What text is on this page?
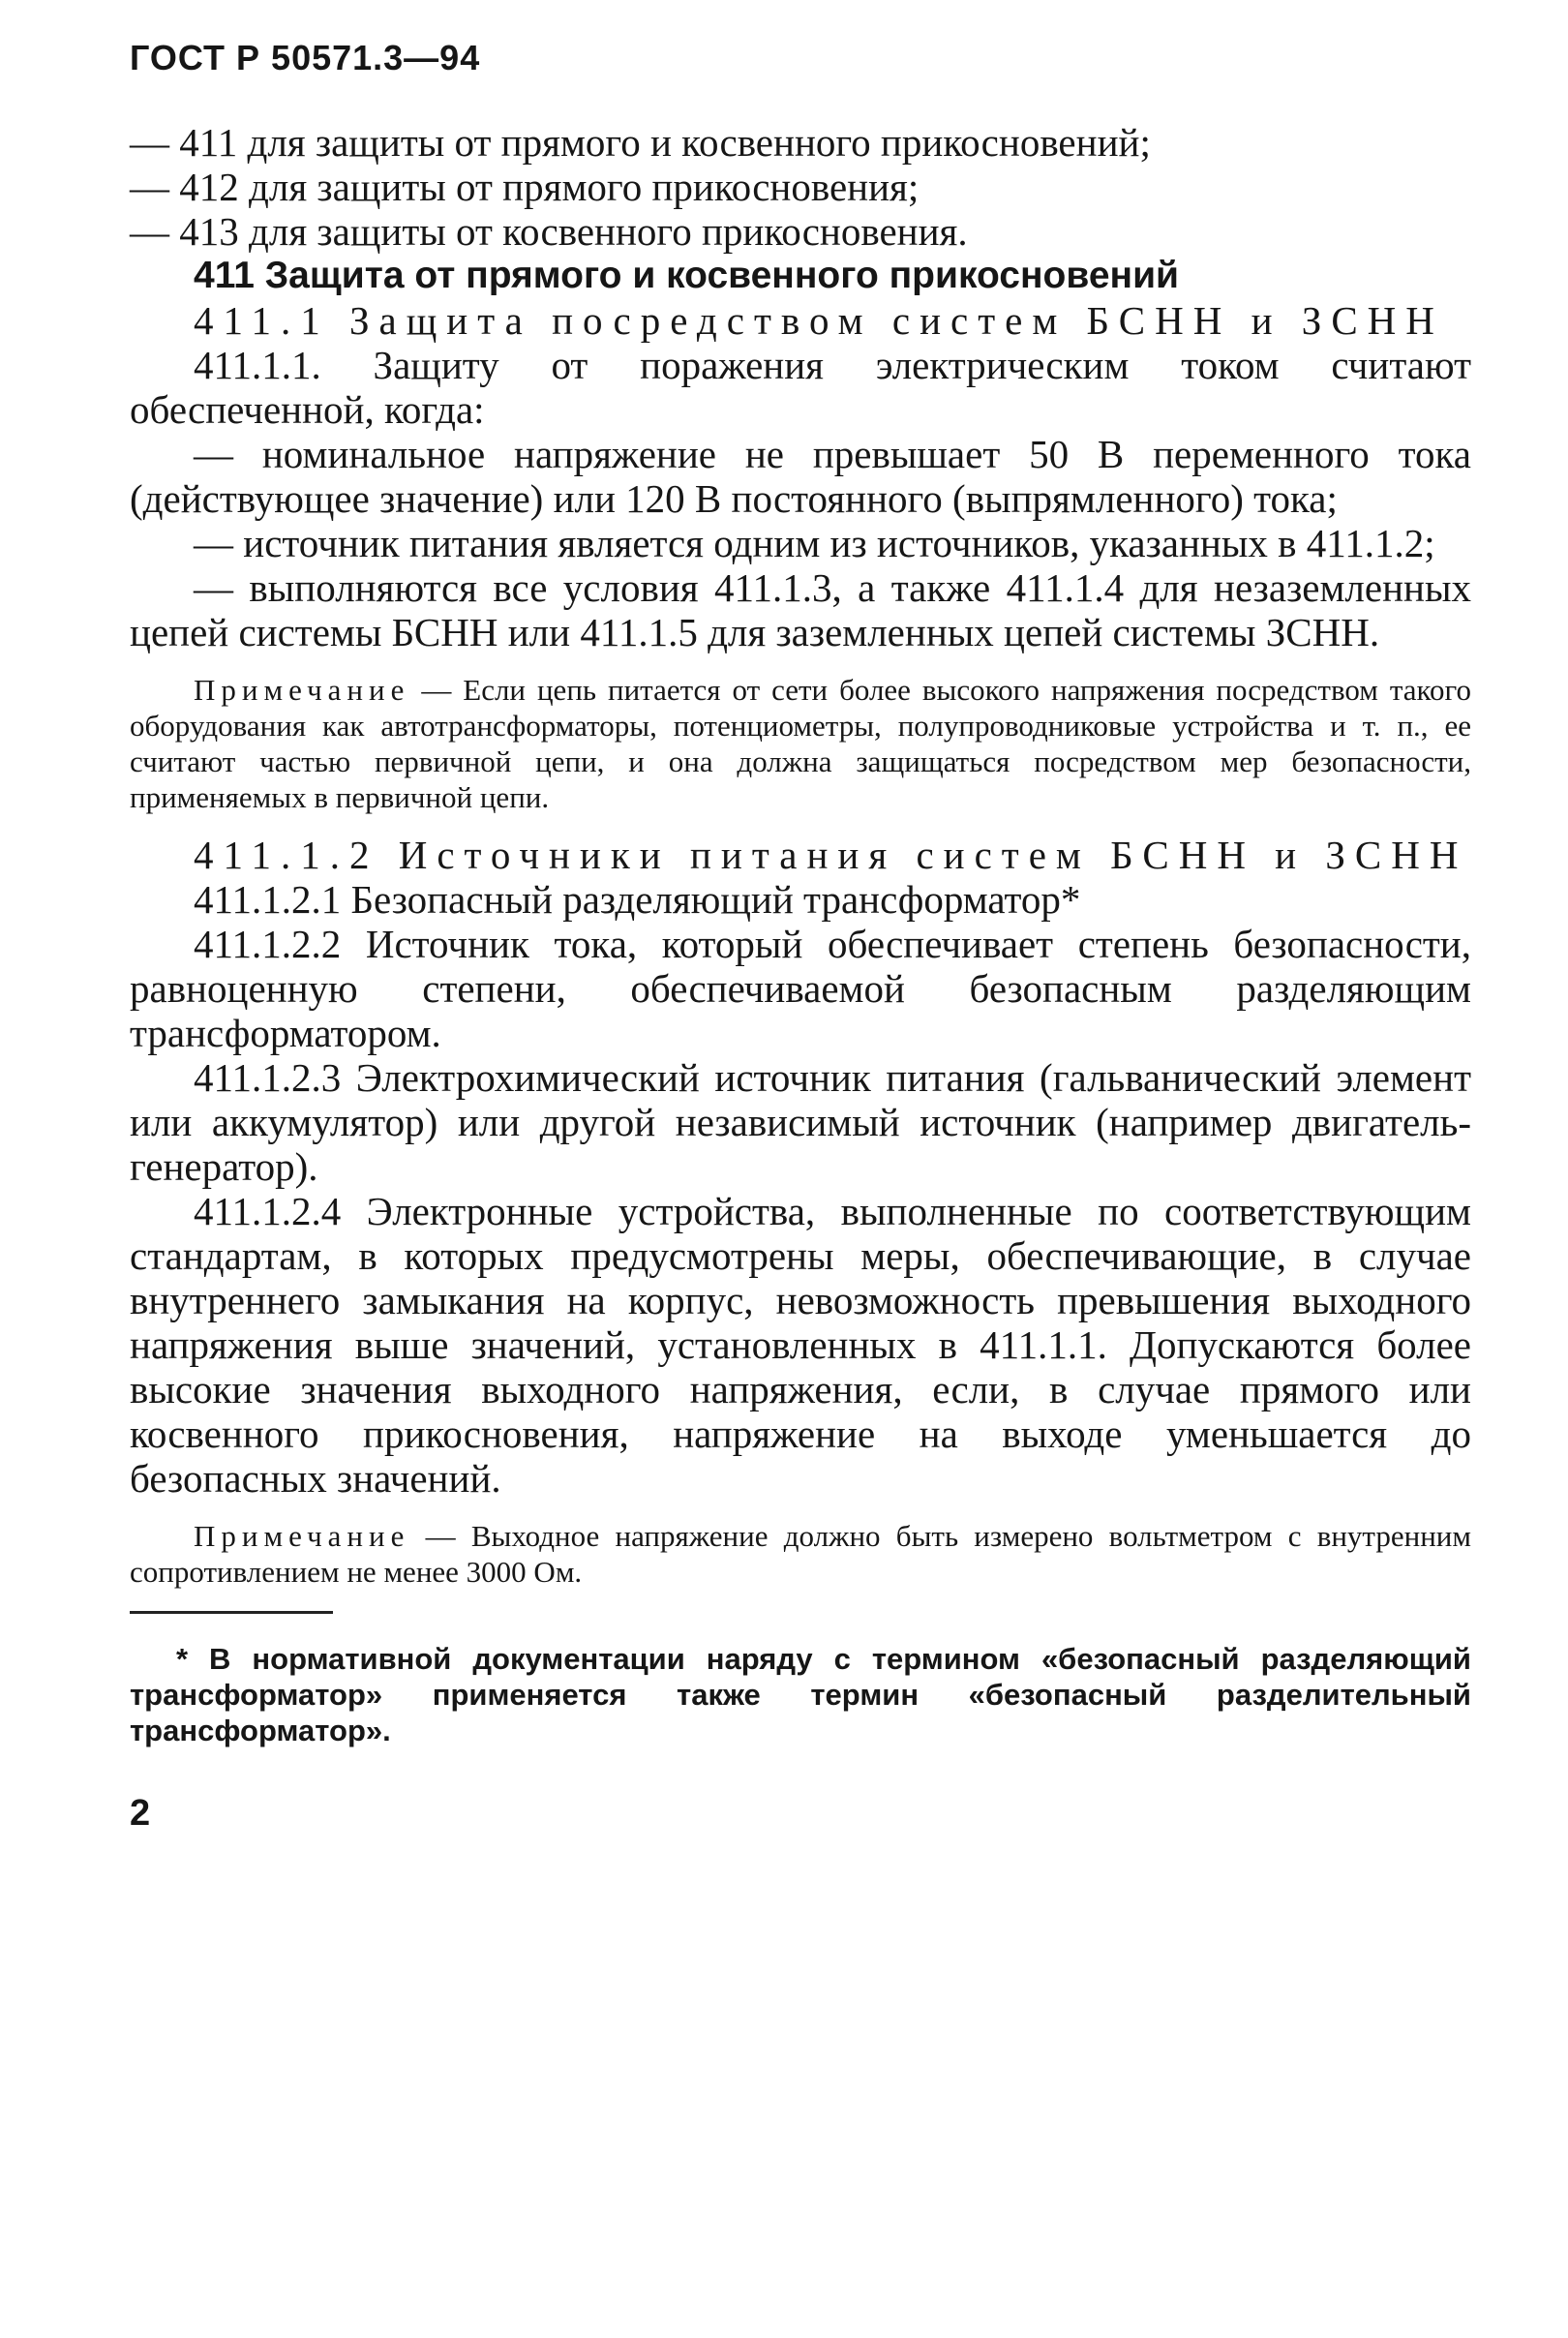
ГОСТ Р 50571.3—94

— 411 для защиты от прямого и косвенного прикосновений;

— 412 для защиты от прямого прикосновения;

— 413 для защиты от косвенного прикосновения.

411 Защита от прямого и косвенного прикосновений

411.1 Защита посредством систем БСНН и ЗСНН

411.1.1. Защиту от поражения электрическим током считают обеспеченной, когда:

— номинальное напряжение не превышает 50 В переменного тока (действующее значение) или 120 В постоянного (выпрямленного) тока;

— источник питания является одним из источников, указанных в 411.1.2;

— выполняются все условия 411.1.3, а также 411.1.4 для незаземленных цепей системы БСНН или 411.1.5 для заземленных цепей системы ЗСНН.

Примечание — Если цепь питается от сети более высокого напряжения посредством такого оборудования как автотрансформаторы, потенциометры, полупроводниковые устройства и т. п., ее считают частью первичной цепи, и она должна защищаться посредством мер безопасности, применяемых в первичной цепи.

411.1.2 Источники питания систем БСНН и ЗСНН

411.1.2.1 Безопасный разделяющий трансформатор*

411.1.2.2 Источник тока, который обеспечивает степень безопасности, равноценную степени, обеспечиваемой безопасным разделяющим трансформатором.

411.1.2.3 Электрохимический источник питания (гальванический элемент или аккумулятор) или другой независимый источник (например двигатель-генератор).

411.1.2.4 Электронные устройства, выполненные по соответствующим стандартам, в которых предусмотрены меры, обеспечивающие, в случае внутреннего замыкания на корпус, невозможность превышения выходного напряжения выше значений, установленных в 411.1.1. Допускаются более высокие значения выходного напряжения, если, в случае прямого или косвенного прикосновения, напряжение на выходе уменьшается до безопасных значений.

Примечание — Выходное напряжение должно быть измерено вольтметром с внутренним сопротивлением не менее 3000 Ом.

* В нормативной документации наряду с термином «безопасный разделяющий трансформатор» применяется также термин «безопасный разделительный трансформатор».

2
